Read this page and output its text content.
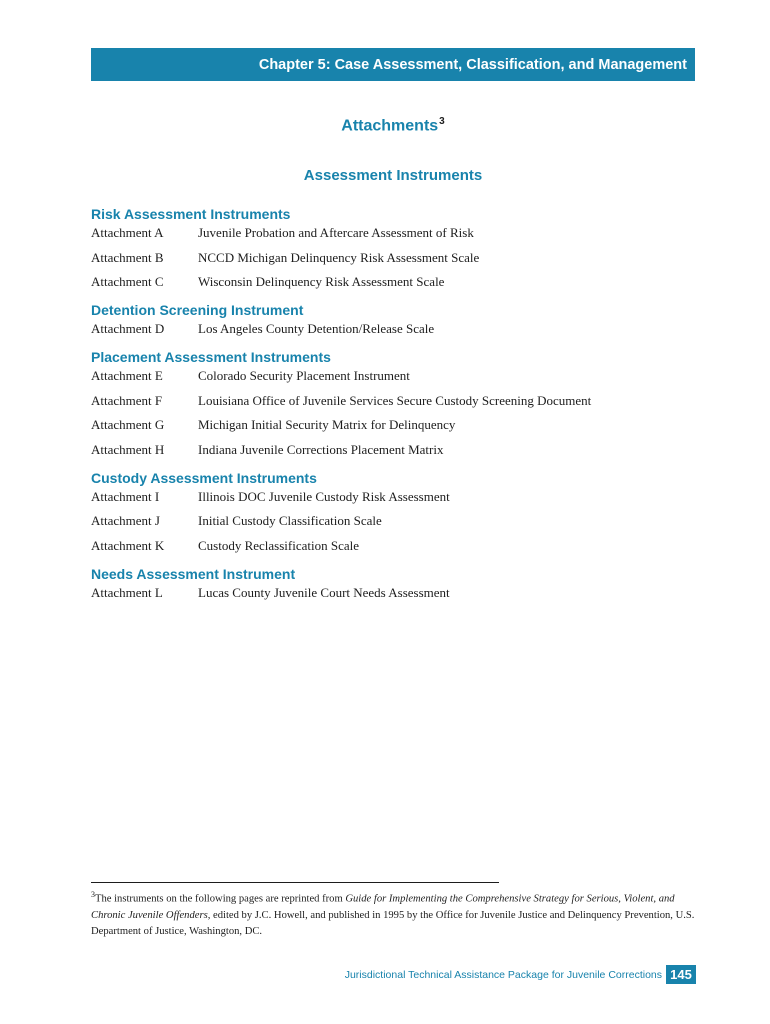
Chapter 5: Case Assessment, Classification, and Management
Attachments$^3$
Assessment Instruments
Risk Assessment Instruments
Attachment A	Juvenile Probation and Aftercare Assessment of Risk
Attachment B	NCCD Michigan Delinquency Risk Assessment Scale
Attachment C	Wisconsin Delinquency Risk Assessment Scale
Detention Screening Instrument
Attachment D	Los Angeles County Detention/Release Scale
Placement Assessment Instruments
Attachment E	Colorado Security Placement Instrument
Attachment F	Louisiana Office of Juvenile Services Secure Custody Screening Document
Attachment G	Michigan Initial Security Matrix for Delinquency
Attachment H	Indiana Juvenile Corrections Placement Matrix
Custody Assessment Instruments
Attachment I	Illinois DOC Juvenile Custody Risk Assessment
Attachment J	Initial Custody Classification Scale
Attachment K	Custody Reclassification Scale
Needs Assessment Instrument
Attachment L	Lucas County Juvenile Court Needs Assessment
$^3$The instruments on the following pages are reprinted from Guide for Implementing the Comprehensive Strategy for Serious, Violent, and Chronic Juvenile Offenders, edited by J.C. Howell, and published in 1995 by the Office for Juvenile Justice and Delinquency Prevention, U.S. Department of Justice, Washington, DC.
Jurisdictional Technical Assistance Package for Juvenile Corrections 145
